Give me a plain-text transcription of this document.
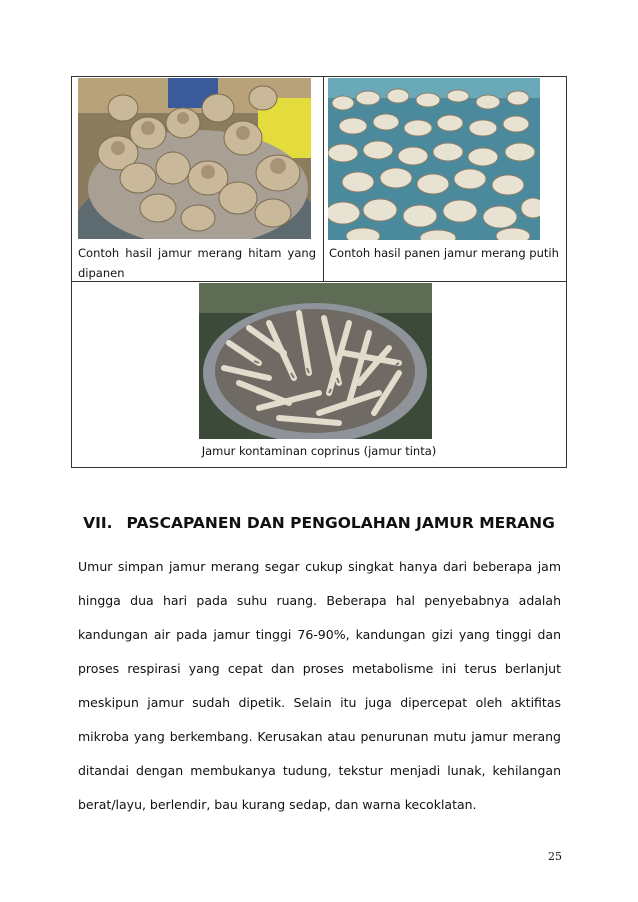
Contoh hasil jamur merang hitam yang dipanen
Contoh hasil panen jamur merang putih
Jamur kontaminan coprinus (jamur tinta)
VII. PASCAPANEN DAN PENGOLAHAN JAMUR MERANG
Umur simpan jamur merang segar cukup singkat hanya dari beberapa jam hingga dua hari pada suhu ruang. Beberapa hal penyebabnya adalah kandungan air pada jamur tinggi 76-90%, kandungan gizi yang tinggi dan proses respirasi yang cepat dan proses metabolisme ini terus berlanjut meskipun jamur sudah dipetik. Selain itu juga dipercepat oleh aktifitas mikroba yang berkembang. Kerusakan atau penurunan mutu jamur merang ditandai dengan membukanya tudung, tekstur menjadi lunak, kehilangan berat/layu, berlendir, bau kurang sedap, dan warna kecoklatan.
25
